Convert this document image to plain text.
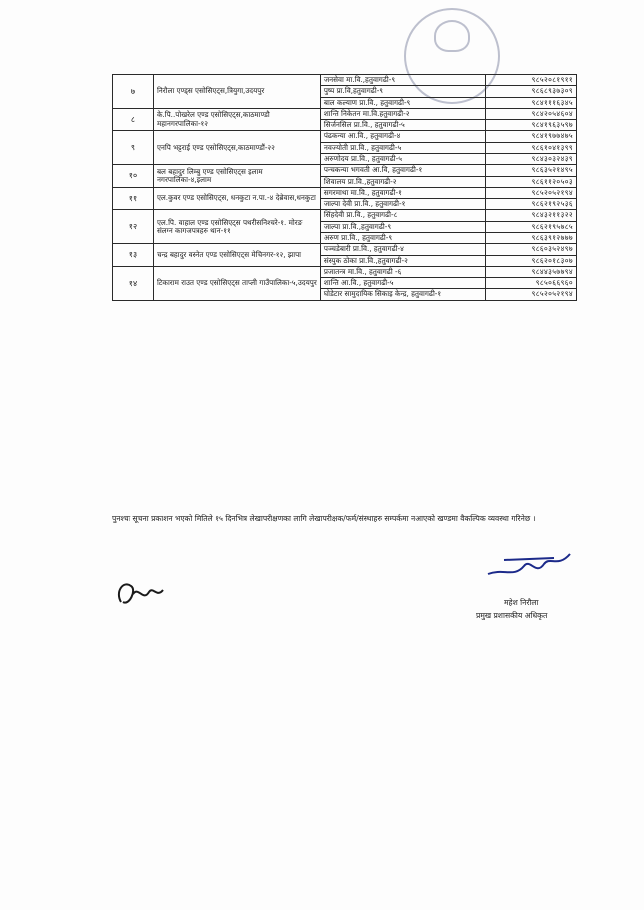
७	निरौला एण्ड्स एसोसिएट्स,त्रियुगा,उदयपुर	जनसेवा मा.वि.,हतुवागढी-९	९८५२०८१९११
		पुष्प प्रा.वि,हतुवागढी-९	९८६८९३७३०९
		बाल कल्याण प्रा.वि., हतुवागढी-९	९८४१११६३४५
८	के.पि..पोखरेल एण्ड एसोसिएट्स,काठमाण्डौ महानगरपालिका-१२	शान्ति निकेतन मा.वि.हतुवागढी-२	९८४२०५४६०४
		सिर्जनसिल प्रा.वि., हतुवागढी-५	९८४१९६३५९७
९	एनपि भट्टराई एण्ड एसोसिएट्स,काठमाण्डौं-२२	पंढकन्या आ.वि., हतुवागढी-४	९८४१९७७४७५
		नवज्योती प्रा.वि., हतुवागढी-५	९८६१०४१३९९
		अरुणोदय प्रा.वि., हतुवागढी-५	९८४३०३२४३९
१०	बल बहादुर लिम्बु एण्ड एसोसिएट्स इलाम नगरपालिका-४,इलाम	पन्चकन्या भगवती आ.वि, हतुवागढी-१	९८६३५२१४९५
		शिवालय प्रा.वि.,हतुवागढी-२	९८६११२०५०३
११	एल.कुवर एण्ड एसोसिएट्स, धनकुटा न.पा.-४ देब्रेवास,धनकुटा	सगरमाथा मा.वि., हतुवागढी-१	९८५२०५२१९४
		जाल्पा देवी प्रा.वि., हतुवागढी-१	९८६२१९२५३६
१२	एल.पि. वाहाल एण्ड एसोसिएट्स पथरीसनिश्चरे-१. मोरङ संलग्न कागजपत्रहरु थान-११	सिंहदेवी प्रा.वि., हतुवागढी-८	९८४३२११३२२
		जाल्पा प्रा.वि.,हतुवागढी-९	९८६२१९५७८५
		अरुण प्रा.वि., हतुवागढी-९	९८६३९१२७७७
१३	चन्द्र बहादुर वस्नेत एण्ड एसोसिएट्स मेचिनगर-१२, झापा	पञ्चडेबारी प्रा.वि., हतुवागढी-४	९८६०३५२४९७
		संस्पुक ठोका प्रा.वि.,हतुवागढी-२	९८६२०१८३०७
१४	टिकाराम राउत एण्ड एसोसिएट्स ताप्ली गाउँपालिका-५,उदयपुर	प्रजातन्त्र मा.वि., हतुवागढी -६	९८४४३५७७९४
		शान्ति आ.वि., हतुवागढी-५	९८५०६६९६०
		घोडेटार सामुदायिक सिकाइ केन्द्र, हतुवागढी-१	९८५२०५२१९४
पुनश्चः सूचना प्रकाशन भएको मितिले १५ दिनभित्र लेखापरीक्षणका लागि लेखापरीक्षक/फर्म/संस्थाहरु सम्पर्कमा नआएको खण्डमा वैकल्पिक व्यवस्था गरिनेछ ।
महेश निरौला
प्रमुख प्रशासकीय अधिकृत
